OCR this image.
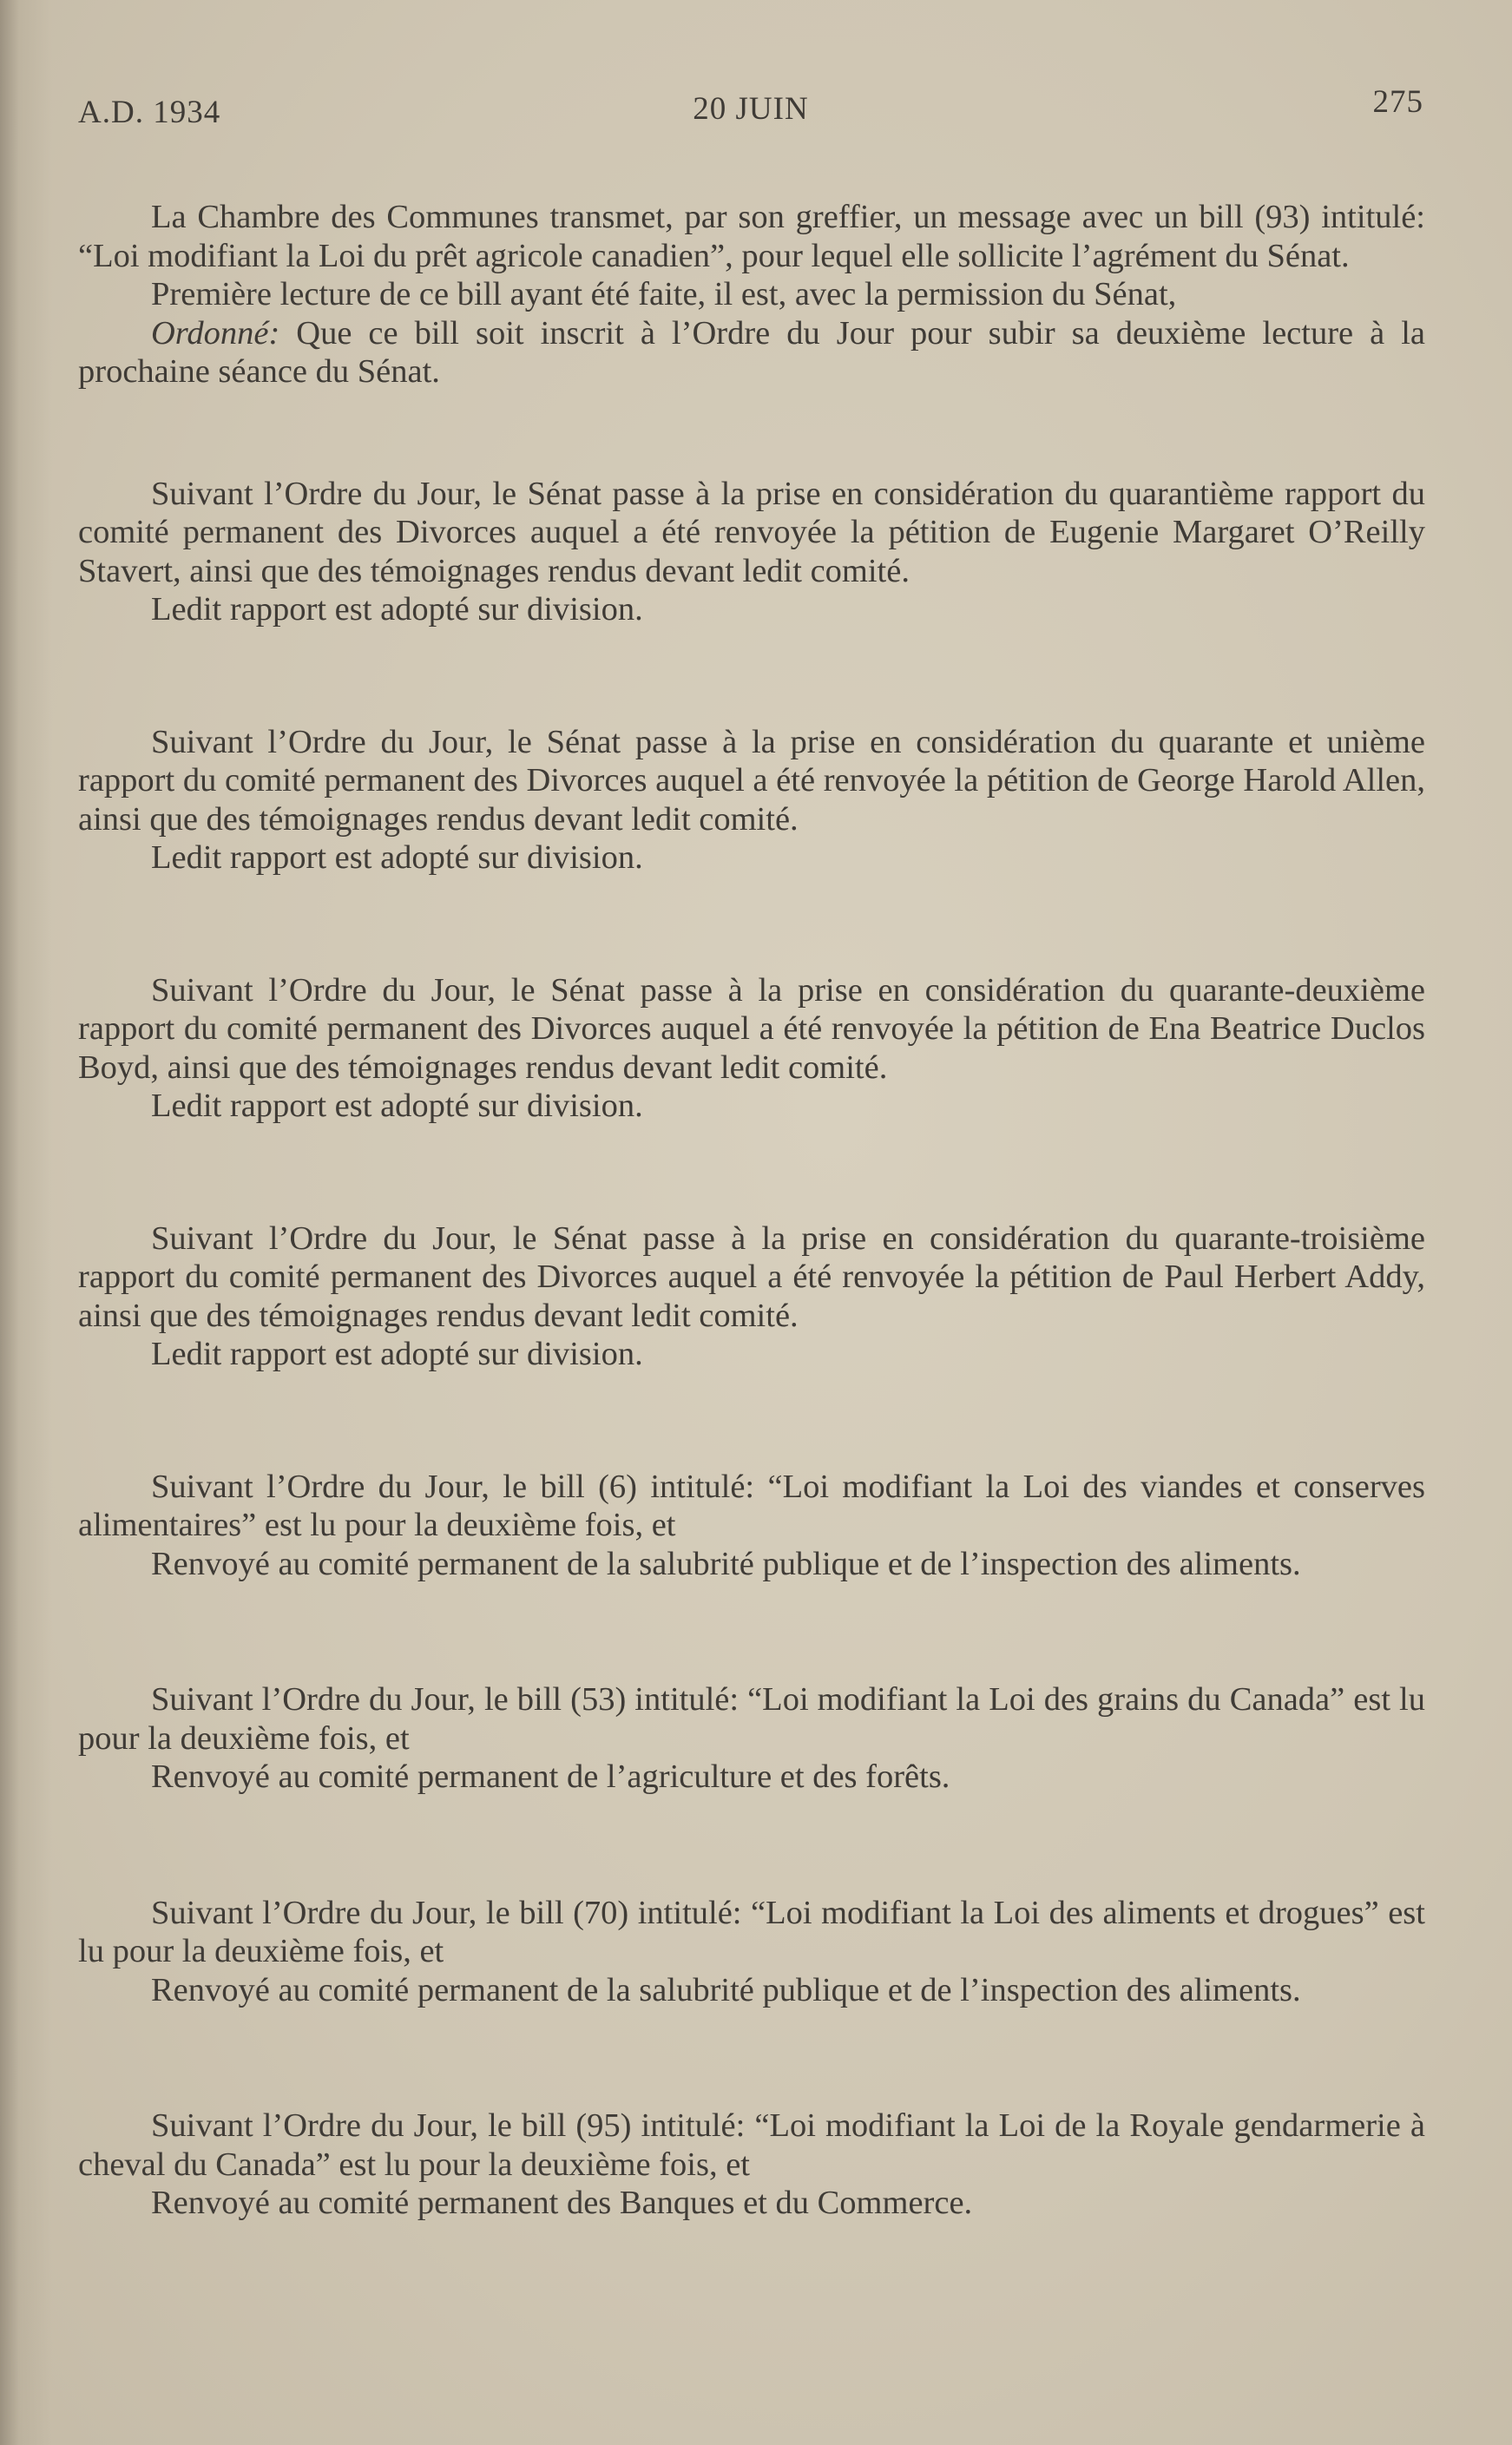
A.D. 1934	20 JUIN	275

La Chambre des Communes transmet, par son greffier, un message avec un bill (93) intitulé: “Loi modifiant la Loi du prêt agricole canadien”, pour lequel elle sollicite l’agrément du Sénat.

Première lecture de ce bill ayant été faite, il est, avec la permission du Sénat,

Ordonné: Que ce bill soit inscrit à l’Ordre du Jour pour subir sa deuxième lecture à la prochaine séance du Sénat.

Suivant l’Ordre du Jour, le Sénat passe à la prise en considération du quarantième rapport du comité permanent des Divorces auquel a été renvoyée la pétition de Eugenie Margaret O’Reilly Stavert, ainsi que des témoignages rendus devant ledit comité.

Ledit rapport est adopté sur division.

Suivant l’Ordre du Jour, le Sénat passe à la prise en considération du quarante et unième rapport du comité permanent des Divorces auquel a été renvoyée la pétition de George Harold Allen, ainsi que des témoignages rendus devant ledit comité.

Ledit rapport est adopté sur division.

Suivant l’Ordre du Jour, le Sénat passe à la prise en considération du quarante-deuxième rapport du comité permanent des Divorces auquel a été renvoyée la pétition de Ena Beatrice Duclos Boyd, ainsi que des témoignages rendus devant ledit comité.

Ledit rapport est adopté sur division.

Suivant l’Ordre du Jour, le Sénat passe à la prise en considération du quarante-troisième rapport du comité permanent des Divorces auquel a été renvoyée la pétition de Paul Herbert Addy, ainsi que des témoignages rendus devant ledit comité.

Ledit rapport est adopté sur division.

Suivant l’Ordre du Jour, le bill (6) intitulé: “Loi modifiant la Loi des viandes et conserves alimentaires” est lu pour la deuxième fois, et

Renvoyé au comité permanent de la salubrité publique et de l’inspection des aliments.

Suivant l’Ordre du Jour, le bill (53) intitulé: “Loi modifiant la Loi des grains du Canada” est lu pour la deuxième fois, et

Renvoyé au comité permanent de l’agriculture et des forêts.

Suivant l’Ordre du Jour, le bill (70) intitulé: “Loi modifiant la Loi des aliments et drogues” est lu pour la deuxième fois, et

Renvoyé au comité permanent de la salubrité publique et de l’inspection des aliments.

Suivant l’Ordre du Jour, le bill (95) intitulé: “Loi modifiant la Loi de la Royale gendarmerie à cheval du Canada” est lu pour la deuxième fois, et

Renvoyé au comité permanent des Banques et du Commerce.
